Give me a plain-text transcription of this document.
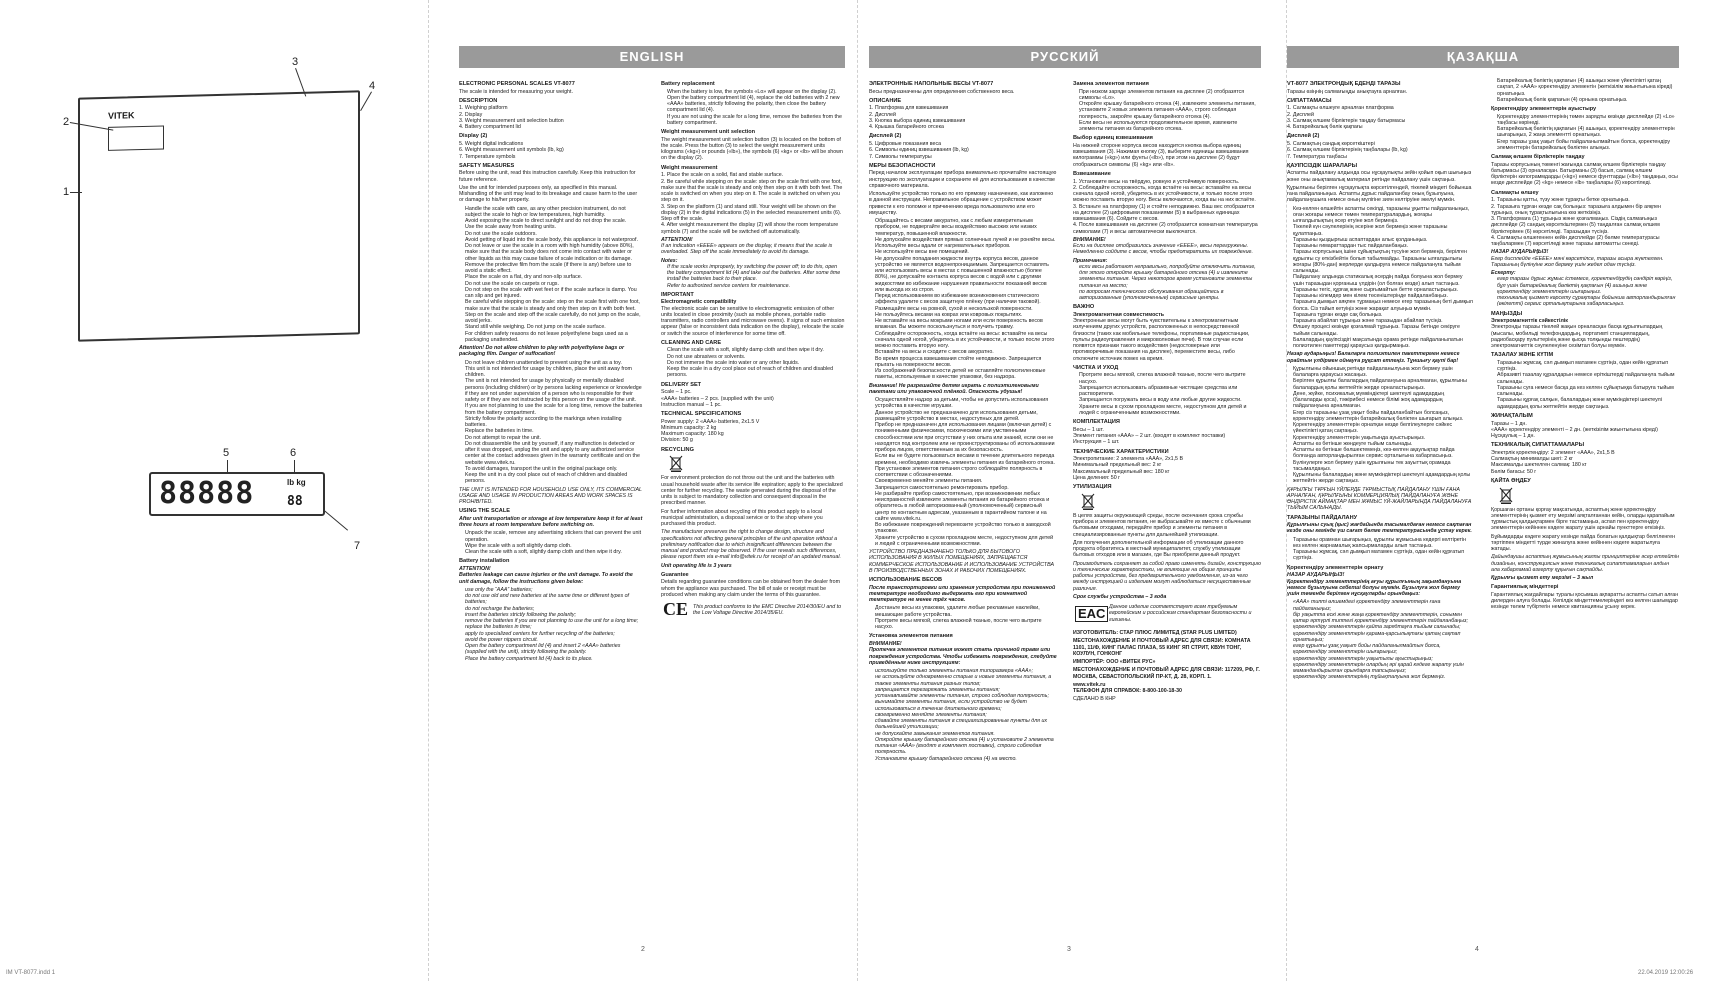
VITEK
1
2
3
4
5	6
7
88888	lb kg
88
ENGLISH
ELECTRONIC PERSONAL SCALES VT-8077

The scale is intended for measuring your weight.

DESCRIPTION

1. Weighing platform

2. Display

3. Weight measurement unit selection button

4. Battery compartment lid

Display (2)

5. Weight digital indications

6. Weight measurement unit symbols (lb, kg)

7. Temperature symbols

SAFETY MEASURES

Before using the unit, read this instruction carefully. Keep this instruction for future reference.

Use the unit for intended purposes only, as specified in this manual. Mishandling of the unit may lead to its breakage and cause harm to the user or damage to his/her property.

• Handle the scale with care, as any other precision instrument, do not subject the scale to high or low temperatures, high humidity.
• Avoid exposing the scale to direct sunlight and do not drop the scale.
• Use the scale away from heating units.
• Do not use the scale outdoors.
• Avoid getting of liquid into the scale body, this appliance is not waterproof. Do not leave or use the scale in a room with high humidity (above 80%), make sure that the scale body does not come into contact with water or other liquids as this may cause failure of scale indication or its damage.
• Remove the protective film from the scale (if there is any) before use to avoid a static effect.
• Place the scale on a flat, dry and non-slip surface.
• Do not use the scale on carpets or rugs.
• Do not step on the scale with wet feet or if the scale surface is damp. You can slip and get injured.
• Be careful while stepping on the scale: step on the scale first with one foot, make sure that the scale is steady and only then step on it with both feet.
• Step on the scale and step off the scale carefully, do not jump on the scale, avoid jerks.
• Stand still while weighing. Do not jump on the scale surface.
• For children safety reasons do not leave polyethylene bags used as a packaging unattended.

Attention! Do not allow children to play with polyethylene bags or packaging film. Danger of suffocation!

• Do not leave children unattended to prevent using the unit as a toy.
• This unit is not intended for usage by children, place the unit away from children.
• The unit is not intended for usage by physically or mentally disabled persons (including children) or by persons lacking experience or knowledge if they are not under supervision of a person who is responsible for their safety or if they are not instructed by this person on the usage of the unit.
• If you are not planning to use the scale for a long time, remove the batteries from the battery compartment.
• Strictly follow the polarity according to the markings when installing batteries.
• Replace the batteries in time.
• Do not attempt to repair the unit.
• Do not disassemble the unit by yourself, if any malfunction is detected or after it was dropped, unplug the unit and apply to any authorized service center at the contact addresses given in the warranty certificate and on the website www.vitek.ru.
• To avoid damages, transport the unit in the original package only.
• Keep the unit in a dry cool place out of reach of children and disabled persons.

THE UNIT IS INTENDED FOR HOUSEHOLD USE ONLY, ITS COMMERCIAL USAGE AND USAGE IN PRODUCTION AREAS AND WORK SPACES IS PROHIBITED.

USING THE SCALE

After unit transportation or storage at low temperature keep it for at least three hours at room temperature before switching on.

• Unpack the scale, remove any advertising stickers that can prevent the unit operation.
• Wipe the scale with a soft slightly damp cloth.
• Clean the scale with a soft, slightly damp cloth and then wipe it dry.
Battery installation

ATTENTION!

Batteries leakage can cause injuries or the unit damage. To avoid the unit damage, follow the instructions given below:

• use only the “AAA” batteries;
• do not use old and new batteries at the same time or different types of batteries;
• do not recharge the batteries;
• insert the batteries strictly following the polarity;
• remove the batteries if you are not planning to use the unit for a long time;
• replace the batteries in time;
• apply to specialized centers for further recycling of the batteries;
• avoid the power nippers circuit.
• Open the battery compartment lid (4) and insert 2 «AAA» batteries (supplied with the unit), strictly following the polarity.
• Place the battery compartment lid (4) back to its place.
Battery replacement
• When the battery is low, the symbols «Lo» will appear on the display (2).
• Open the battery compartment lid (4), replace the old batteries with 2 new «AAA» batteries, strictly following the polarity, then close the battery compartment lid (4).
• If you are not using the scale for a long time, remove the batteries from the battery compartment.
Weight measurement unit selection

The weight measurement unit selection button (3) is located on the bottom of the scale. Press the button (3) to select the weight measurement units kilograms («kg») or pounds («lb»), the symbols (6) «kg» or «lb» will be shown on the display (2).

Weight measurement

1. Place the scale on a solid, flat and stable surface.

2. Be careful while stepping on the scale: step on the scale first with one foot, make sure that the scale is steady and only then step on it with both feet. The scale is switched on when you step on it. The scale is switched on when you step on it.

3. Step on the platform (1) and stand still. Your weight will be shown on the display (2) in the digital indications (5) in the selected measurement units (6). Step off the scale.

4. After weight measurement the display (2) will show the room temperature symbols (7) and the scale will be switched off automatically.

ATTENTION!

If an indication «EEEE» appears on the display, it means that the scale is overloaded. Step off the scale immediately to avoid its damage.

Notes:

• If the scale works improperly, try switching the power off; to do this, open the battery compartment lid (4) and take out the batteries. After some time install the batteries back to their place.
• Refer to authorized service centers for maintenance.
IMPORTANT

Electromagnetic compatibility

The electronic scale can be sensitive to electromagnetic emission of other units located in close proximity (such as mobile phones, portable radio transmitters, radio controllers and microwave ovens). If signs of such emission appear (false or inconsistent data indication on the display), relocate the scale or switch the source of interference for some time off.

CLEANING AND CARE
• Clean the scale with a soft, slightly damp cloth and then wipe it dry.
• Do not use abrasives or solvents.
• Do not immerse the scale into water or any other liquids.
• Keep the scale in a dry cool place out of reach of children and disabled persons.
DELIVERY SET

Scale – 1 pc.

«AAA» batteries – 2 pcs. (supplied with the unit)

Instruction manual – 1 pc.

TECHNICAL SPECIFICATIONS

Power supply: 2 «AAA» batteries, 2x1.5 V

Minimum capacity: 2 kg

Maximum capacity: 180 kg

Division: 50 g

RECYCLING

For environment protection do not throw out the unit and the batteries with usual household waste after its service life expiration; apply to the specialized center for further recycling. The waste generated during the disposal of the units is subject to mandatory collection and consequent disposal in the prescribed manner.

For further information about recycling of this product apply to a local municipal administration, a disposal service or to the shop where you purchased this product.

The manufacturer preserves the right to change design, structure and specifications not affecting general principles of the unit operation without a preliminary notification due to which insignificant differences between the manual and product may be observed. If the user reveals such differences, please report them via e-mail info@vitek.ru for receipt of an updated manual.

Unit operating life is 3 years

Guarantee

Details regarding guarantee conditions can be obtained from the dealer from whom the appliance was purchased. The bill of sale or receipt must be produced when making any claim under the terms of this guarantee.

CE This product conforms to the EMC Directive 2014/30/EU and to the Low Voltage Directive 2014/35/EU.

2
РУССКИЙ
ЭЛЕКТРОННЫЕ НАПОЛЬНЫЕ ВЕСЫ VT-8077

Весы предназначены для определения собственного веса.

ОПИСАНИЕ

1. Платформа для взвешивания

2. Дисплей

3. Кнопка выбора единиц взвешивания

4. Крышка батарейного отсека

Дисплей (2)

5. Цифровые показания веса

6. Символы единиц взвешивания (lb, kg)

7. Символы температуры

МЕРЫ БЕЗОПАСНОСТИ

Перед началом эксплуатации прибора внимательно прочитайте настоящую инструкцию по эксплуатации и сохраните её для использования в качестве справочного материала.

Используйте устройство только по его прямому назначению, как изложено в данной инструкции. Неправильное обращение с устройством может привести к его поломке и причинению вреда пользователю или его имуществу.

• Обращайтесь с весами аккуратно, как с любым измерительным прибором, не подвергайте весы воздействию высоких или низких температур, повышенной влажности.
• Не допускайте воздействия прямых солнечных лучей и не роняйте весы.
• Используйте весы вдали от нагревательных приборов.
• Не используйте весы вне помещений.
• Не допускайте попадания жидкости внутрь корпуса весов, данное устройство не является водонепроницаемым. Запрещается оставлять или использовать весы в местах с повышенной влажностью (более 80%), не допускайте контакта корпуса весов с водой или с другими жидкостями во избежание нарушения правильности показаний весов или выхода их из строя.
• Перед использованием во избежание возникновения статического эффекта удалите с весов защитную плёнку (при наличии таковой).
• Размещайте весы на ровной, сухой и нескользкой поверхности.
• Не пользуйтесь весами на коврах или ковровых покрытиях.
• Не вставайте на весы мокрыми ногами или если поверхность весов влажная. Вы можете поскользнуться и получить травму.
• Соблюдайте осторожность, когда встаёте на весы: вставайте на весы сначала одной ногой, убедитесь в их устойчивости, и только после этого можно поставить вторую ногу.
• Вставайте на весы и сходите с весов аккуратно.
• Во время процесса взвешивания стойте неподвижно. Запрещается прыгать на поверхности весов.
• Из соображений безопасности детей не оставляйте полиэтиленовые пакеты, используемые в качестве упаковки, без надзора.

Внимание! Не разрешайте детям играть с полиэтиленовыми пакетами или упаковочной плёнкой. Опасность удушья!

• Осуществляйте надзор за детьми, чтобы не допустить использования устройства в качестве игрушки.
• Данное устройство не предназначено для использования детьми, размещайте устройство в местах, недоступных для детей.
• Прибор не предназначен для использования лицами (включая детей) с пониженными физическими, психическими или умственными способностями или при отсутствии у них опыта или знаний, если они не находятся под контролем или не проинструктированы об использовании прибора лицом, ответственным за их безопасность.
• Если вы не будете пользоваться весами в течение длительного периода времени, необходимо извлечь элементы питания из батарейного отсека.
• При установке элементов питания строго соблюдайте полярность в соответствии с обозначениями.
• Своевременно меняйте элементы питания.
• Запрещается самостоятельно ремонтировать прибор.
• Не разбирайте прибор самостоятельно, при возникновении любых неисправностей извлеките элементы питания из батарейного отсека и обратитесь в любой авторизованный (уполномоченный) сервисный центр по контактным адресам, указанным в гарантийном талоне и на сайте www.vitek.ru.
• Во избежание повреждений перевозите устройство только в заводской упаковке.
• Храните устройство в сухом прохладном месте, недоступном для детей и людей с ограниченными возможностями.

УСТРОЙСТВО ПРЕДНАЗНАЧЕНО ТОЛЬКО ДЛЯ БЫТОВОГО ИСПОЛЬЗОВАНИЯ В ЖИЛЫХ ПОМЕЩЕНИЯХ, ЗАПРЕЩАЕТСЯ КОММЕРЧЕСКОЕ ИСПОЛЬЗОВАНИЕ И ИСПОЛЬЗОВАНИЕ УСТРОЙСТВА В ПРОИЗВОДСТВЕННЫХ ЗОНАХ И РАБОЧИХ ПОМЕЩЕНИЯХ.

ИСПОЛЬЗОВАНИЕ ВЕСОВ

После транспортировки или хранения устройства при пониженной температуре необходимо выдержать его при комнатной температуре не менее трёх часов.

• Достаньте весы из упаковки, удалите любые рекламные наклейки, мешающие работе устройства.
• Протрите весы мягкой, слегка влажной тканью, после чего вытрите насухо.
Установка элементов питания

ВНИМАНИЕ!

Протечка элементов питания может стать причиной травм или повреждения устройства. Чтобы избежать повреждения, следуйте приведённым ниже инструкциям:

• используйте только элементы питания типоразмера «AAA»;
• не используйте одновременно старые и новые элементы питания, а также элементы питания разных типов;
• запрещается перезаряжать элементы питания;
• устанавливайте элементы питания, строго соблюдая полярность;
• вынимайте элементы питания, если устройство не будет использоваться в течение длительного времени;
• своевременно меняйте элементы питания;
• сдавайте элементы питания в специализированные пункты для их дальнейшей утилизации;
• не допускайте замыкания элементов питания.
• Откройте крышку батарейного отсека (4) и установите 2 элемента питания «AAA» (входят в комплект поставки), строго соблюдая полярность.
• Установите крышку батарейного отсека (4) на место.
Замена элементов питания
• При низком заряде элементов питания на дисплее (2) отобразятся символы «Lo».
• Откройте крышку батарейного отсека (4), извлеките элементы питания, установите 2 новых элемента питания «AAA», строго соблюдая полярность, закройте крышку батарейного отсека (4).
• Если весы не используются продолжительное время, извлеките элементы питания из батарейного отсека.
Выбор единиц взвешивания

На нижней стороне корпуса весов находится кнопка выбора единиц взвешивания (3). Нажимая кнопку (3), выберите единицы взвешивания килограммы («kg») или фунты («lb»), при этом на дисплее (2) будут отображаться символы (6) «kg» или «lb».

Взвешивание

1. Установите весы на твёрдую, ровную и устойчивую поверхность.

2. Соблюдайте осторожность, когда встаёте на весы: вставайте на весы сначала одной ногой, убедитесь в их устойчивости, и только после этого можно поставить вторую ногу. Весы включаются, когда вы на них встаёте.

3. Встаньте на платформу (1) и стойте неподвижно. Ваш вес отобразится на дисплее (2) цифровыми показаниями (5) в выбранных единицах взвешивания (6). Сойдите с весов.

4. После взвешивания на дисплее (2) отобразится комнатная температура символами (7) и весы автоматически выключатся.

ВНИМАНИЕ!

Если на дисплее отобразилось значение «EEEE», весы перегружены. Немедленно сойдите с весов, чтобы предотвратить их повреждение.

Примечания:

• если весы работают неправильно, попробуйте отключить питание, для этого откройте крышку батарейного отсека (4) и извлеките элементы питания. Через некоторое время установите элементы питания на место;
• по вопросам технического обслуживания обращайтесь в авторизованные (уполномоченные) сервисные центры.
ВАЖНО

Электромагнитная совместимость

Электронные весы могут быть чувствительны к электромагнитным излучениям других устройств, расположенных в непосредственной близости (таких как мобильные телефоны, портативные радиостанции, пульты радиоуправления и микроволновые печи). В том случае если появятся признаки такого воздействия (недостоверные или противоречивые показания на дисплее), переместите весы, либо отключите источник помех на время.

ЧИСТКА И УХОД
• Протрите весы мягкой, слегка влажной тканью, после чего вытрите насухо.
• Запрещается использовать абразивные чистящие средства или растворители.
• Запрещается погружать весы в воду или любые другие жидкости.
• Храните весы в сухом прохладном месте, недоступном для детей и людей с ограниченными возможностями.
КОМПЛЕКТАЦИЯ

Весы – 1 шт.

Элемент питания «AAA» – 2 шт. (входят в комплект поставки)

Инструкция – 1 шт.

ТЕХНИЧЕСКИЕ ХАРАКТЕРИСТИКИ

Электропитание: 2 элемента «AAA», 2x1,5 В

Минимальный предельный вес: 2 кг

Максимальный предельный вес: 180 кг

Цена деления: 50 г

УТИЛИЗАЦИЯ

В целях защиты окружающей среды, после окончания срока службы прибора и элементов питания, не выбрасывайте их вместе с обычными бытовыми отходами, передайте прибор и элементы питания в специализированные пункты для дальнейшей утилизации.

Для получения дополнительной информации об утилизации данного продукта обратитесь в местный муниципалитет, службу утилизации бытовых отходов или в магазин, где Вы приобрели данный продукт.

Производитель сохраняет за собой право изменять дизайн, конструкцию и технические характеристики, не влияющие на общие принципы работы устройства, без предварительного уведомления, из-за чего между инструкцией и изделием могут наблюдаться несущественные различия.

Срок службы устройства – 3 года

EAC Данное изделие соответствует всем требуемым европейским и российским стандартам безопасности и гигиены.

ИЗГОТОВИТЕЛЬ: СТАР ПЛЮС ЛИМИТЕД (STAR PLUS LIMITED)

МЕСТОНАХОЖДЕНИЕ И ПОЧТОВЫЙ АДРЕС ДЛЯ СВЯЗИ: КОМНАТА 1101, 11/Ф, КИНГ ПАЛАС ПЛАЗА, 55 КИНГ ЯП СТРИТ, КВУН ТОНГ, КОУЛУН, ГОНКОНГ

ИМПОРТЁР: ООО «ВИТЕК РУС»

МЕСТОНАХОЖДЕНИЕ И ПОЧТОВЫЙ АДРЕС ДЛЯ СВЯЗИ: 117209, РФ, Г. МОСКВА, СЕВАСТОПОЛЬСКИЙ ПР-КТ, Д. 28, КОРП. 1.

www.vitek.ru

ТЕЛЕФОН ДЛЯ СПРАВОК: 8-800-100-18-30

СДЕЛАНО В КНР

3
ҚАЗАҚША
VT-8077 ЭЛЕКТРОНДЫҚ ЕДЕНДІ ТАРАЗЫ

Таразы өзіңнің салмағыңды анықтауға арналған.

СИПАТТАМАСЫ

1. Салмақты өлшеуге арналған платформа

2. Дисплей

3. Салмақ өлшем бірліктерін таңдау батырмасы

4. Батарейкалық бөлік қақпағы

Дисплей (2)

5. Салмақтың сандық көрсеткіштері

6. Салмақ өлшем бірліктерінің таңбалары (lb, kg)

7. Температура таңбасы

ҚАУІПСІЗДІК ШАРАЛАРЫ

Аспапты пайдалану алдында осы нұсқаулықты зейін қойып оқып шығыңыз және оны анықтамалық материал ретінде пайдалану үшін сақтаңыз.

Құрылғыны берілген нұсқаулықта көрсетілгендей, тікелей міндеті бойынша ғана пайдаланыңыз. Аспапты дұрыс пайдаланбау оның бұзылуына, пайдаланушыға немесе оның мүлігіне зиян келтіруіне әкелуі мүмкін.

• Кез-келген өлшейтін аспапты секілді, таразыны ұқыпты пайдаланыңыз, оған жоғары немесе төмен температуралардың, жоғары ылғалдылықтың әсер етуіне жол бермеңіз.
• Тікелей күн сәулелерінің әсеріне жол бермеңіз және таразыны құлатпаңыз.
• Таразыны қыздырғыш аспаптардан алыс қолданыңыз.
• Таразыны ғимараттардан тыс пайдаланбаңыз.
• Таразы корпусының ішіне сұйықтықтың түсуіне жол бермеңіз, берілген құрылғы су өткізбейтін болып табылмайды. Таразыны ылғалдылығы жоғары (80%-дан) жерлерде қалдыруға немесе пайдалануға тыйым салынады.
• Пайдалану алдында статикалық әсердің пайда болуына жол бермеу үшін таразыдан қорғаныш үлдірін (ол болған кезде) алып тастаңыз.
• Таразыны тегіс, құрғақ және сырғымайтын бетте орналастырыңыз.
• Таразыны кілемдер мен кілем төсеніштерінде пайдаланбаңыз.
• Таразыға дымқыл аяқпен тұрмаңыз немесе егер таразының беті дымқыл болса. Сіз тайып кетуіңіз және жарақат алуыңыз мүмкін.
• Таразыға тұрған кезде сақ болыңыз.
• Таразыға абайлап тұрыңыз және таразыдан абайлап түсіңіз.
• Өлшеу процесі кезінде қозғалмай тұрыңыз. Таразы бетінде секіруге тыйым салынады.
• Балалардың қауіпсіздігі мақсатында орама ретінде пайдаланылатын полиэтилен пакеттерді қараусыз қалдырмаңыз.

Назар аударыңыз! Балаларға полиэтилен пакеттермен немесе орайтын үлдірмен ойнауға рұқсат етпеңіз. Тұншығу қаупі бар!

• Құрылғыны ойыншық ретінде пайдаланылуына жол бермеу үшін балаларға қараусыз жасаңыз.
• Берілген құрылғы балалардың пайдалануына арналмаған, құрылғыны балалардың қолы жетпейтін жерде орналастырыңыз.
• Дене, жүйке, психикалық мүмкіндіктері шектеулі адамдардың (балаларды қоса), тәжірибесі немесе білімі жоқ адамдардың пайдалануына арналмаған.
• Егер сіз таразыны ұзақ уақыт бойы пайдаланбайтын болсаңыз, қоректендіру элементтерін батарейкалық бөліктен шығарып алыңыз.
• Қоректендіру элементтерін орнатқан кезде белгілеулерге сәйкес үйектілікті қатаң сақтаңыз.
• Қоректендіру элементтерін уақытында ауыстырыңыз.
• Аспапты өз бетінше жөндеуге тыйым салынады.
• Аспапты өз бетінше бөлшектемеңіз, кез-келген ақаулықтар пайда болғанда авторландырылған сервис орталығына хабарласыңыз.
• Бүлінулерге жол бермеу үшін құрылғыны тек зауыттық орамада тасымалдаңыз.
• Құрылғыны балалардың және мүмкіндіктері шектеулі адамдардың қолы жетпейтін жерде сақтаңыз.

ҚҰРЫЛҒЫ ТҰРҒЫН ҮЙЛЕРДЕ ТҰРМЫСТЫҚ ПАЙДАЛАНУ ҮШІН ҒАНА АРНАЛҒАН, ҚҰРЫЛҒЫНЫ КОММЕРЦИЯЛЫҚ ПАЙДАЛАНУҒА ЖӘНЕ ӨНДІРІСТІК АЙМАҚТАР МЕН ЖҰМЫС ҮЙ-ЖАЙЛАРЫНДА ПАЙДАЛАНУҒА ТЫЙЫМ САЛЫНАДЫ.

ТАРАЗЫНЫ ПАЙДАЛАНУ

Құрылғыны суық (қыс) жағдайында тасымалдаған немесе сақтаған кезде оны кемінде үш сағат бөлме температурасында ұстау керек.

• Таразыны орамнан шығарыңыз, құрылғы жұмысына кедергі келтіретін кез келген жарнамалық жапсырмаларды алып тастаңыз.
• Таразыны жұмсақ, сәл дымқыл матамен сүртіңіз, одан кейін құрғатып сүртіңіз.
Қоректендіру элементтерін орнату

НАЗАР АУДАРЫҢЫЗ!

Қоректендіру элементтерінің ағуы құрылғының зақымдануына немесе бұзылуына себепші болуы мүмкін. Бұзылуға жол бермеу үшін төменде берілген нұсқауларды орындаңыз:

• «AAA» типті өлшемдегі қоректендіру элементтерін ғана пайдаланыңыз;
• бір уақытта ескі және жаңа қоректендіру элементтерін, сонымен қатар әртүрлі типтегі қоректендіру элементтерін пайдаланбаңыз;
• қоректендіру элементтерін қайта зарядтауға тыйым салынады;
• қоректендіру элементтерін қарама-қарсылықтағы қатаң сақтап орнатыңыз;
• егер құрылғы ұзақ уақыт бойы пайдаланылмайтын болса, қоректендіру элементтерін шығарыңыз;
• қоректендіру элементтерін уақытылы ауыстырыңыз;
• қоректендіру элементтерін олардың әрі қарай кәдеге жарату үшін мамандандырылған орындарға тапсырыңыз;
• қоректендіру элементтерінің тұйықталуына жол бермеңіз.
• Батарейкалық бөліктің қақпағын (4) ашыңыз және үйектілікті қатаң сақтап, 2 «AAA» қоректендіру элементін (жеткізілім жиынтығына кіреді) орнатыңыз.
• Батарейкалық бөлік қақпағын (4) орнына орнатыңыз.
Қоректендіру элементтерін ауыстыру
• Қоректендіру элементтерінің төмен зарядты кезінде дисплейде (2) «Lo» таңбасы көрінеді.
• Батарейкалық бөліктің қақпағын (4) ашыңыз, қоректендіру элементтерін шығарыңыз, 2 жаңа элементті орнатыңыз.
• Егер таразы ұзақ уақыт бойы пайдаланылмайтын болса, қоректендіру элементтерін батарейкалық бөліктен алыңыз.
Салмақ өлшем бірліктерін таңдау

Таразы корпусының төменгі жағында салмақ өлшем бірліктерін таңдау батырмасы (3) орналасқан. Батырманы (3) басып, салмақ өлшем бірліктерін килограммдарды («kg») немесе фунттарды («lb») таңдаңыз, осы кезде дисплейде (2) «kg» немесе «lb» таңбалары (6) көрсетіледі.

Салмақты өлшеу

1. Таразыны қатты, түзу және тұрақты бетке орнатыңыз.

2. Таразыға тұрған кезде сақ болыңыз: таразыға алдымен бір аяқпен тұрыңыз, оның тұрақтылығына көз жеткізіңіз.

3. Платформаға (1) тұрыңыз және қозғалмаңыз. Сіздің салмағыңыз дисплейде (2) сандық көрсеткіштермен (5) таңдалған салмақ өлшем бірліктерімен (6) көрсетіледі. Таразыдан түсіңіз.

4. Салмақты өлшегеннен кейін дисплейде (2) бөлме температурасы таңбалармен (7) көрсетіледі және таразы автоматты сөнеді.

НАЗАР АУДАРЫҢЫЗ!

Егер дисплейде «EEEE» мәні көрсетілсе, таразы асыра жүктелген. Таразының бүлінуіне жол бермеу үшін жедел одан түсіңіз.

Ескерту:

• егер таразы дұрыс жұмыс істемесе, қоректендірудің сөндіріп көріңіз, бұл үшін батарейкалық бөліктің қақпағын (4) ашыңыз және қоректендіру элементтерін шығарыңыз.
• техникалық қызмет көрсету сұрақтары бойынша авторландырылған (өкілетті) сервис орталықтарына хабарласыңыз.
МАҢЫЗДЫ

Электромагниттік сәйкестілік

Электронды таразы тікелей жақын орналасқан басқа құрылғылардың (мысалы, мобильді телефондардың, портативті станциялардың, радиобасқару пульттерінің және қысқа толқынды пештердің) электромагниттік сәулеленуіне сезімтал болуы мүмкін.

ТАЗАЛАУ ЖӘНЕ КҮТІМ
• Таразыны жұмсақ, сәл дымқыл матамен сүртіңіз, одан кейін құрғатып сүртіңіз.
• Абразивті тазалау құралдарын немесе еріткіштерді пайдалануға тыйым салынады.
• Таразыны суға немесе басқа да кез келген сұйықтыққа батыруға тыйым салынады.
• Таразыны құрғақ салқын, балалардың және мүмкіндіктері шектеулі адамдардың қолы жетпейтін жерде сақтаңыз.
ЖИНАҚТАЛЫМ

Таразы – 1 дн.

«AAA» қоректендіру элементі – 2 дн. (жеткізілім жиынтығына кіреді)

Нұсқаулық – 1 дн.

ТЕХНИКАЛЫҚ СИПАТТАМАЛАРЫ

Электрлік қоректендіру: 2 элемент «AAA», 2x1,5 В

Салмақтың минималды шегі: 2 кг

Максималды шектелген салмақ: 180 кг

Бөлім бағасы: 50 г

ҚАЙТА ӨҢДЕУ

Қоршаған ортаны қорғау мақсатында, аспаптың және қоректендіру элементтерінің қызмет ету мерзімі аяқталғаннан кейін, оларды қарапайым тұрмыстық қалдықтармен бірге тастамаңыз, аспап пен қоректендіру элементтерін кейіннен кәдеге жарату үшін арнайы пункттерге өткізіңіз.

Бұйымдарды кәдеге жарату кезінде пайда болатын қалдықтар белгіленген тәртіппен міндетті түрде жиналуға және кейіннен кәдеге жаратылуға жатады.

Дайындаушы аспаптың жұмысының жалпы принциптеріне әсер етпейтін дизайнын, конструкциясын және техникалық сипаттамаларын алдын ала хабарламай өзгерту құқығын сақтайды.

Құрылғы қызмет ету мерзімі – 3 жыл

Гарантиялық міндеттері

Гарантиялық жағдайлары туралы қосымша ақпаратты аспапты сатып алған дилерден алуға болады. Кепілдік міндеттемелеріндегі кез келген шағымдар кезінде төлем түбіртегін немесе квитанцияны ұсыну керек.

4
IM VT-8077.indd 1	22.04.2019 12:00:26
